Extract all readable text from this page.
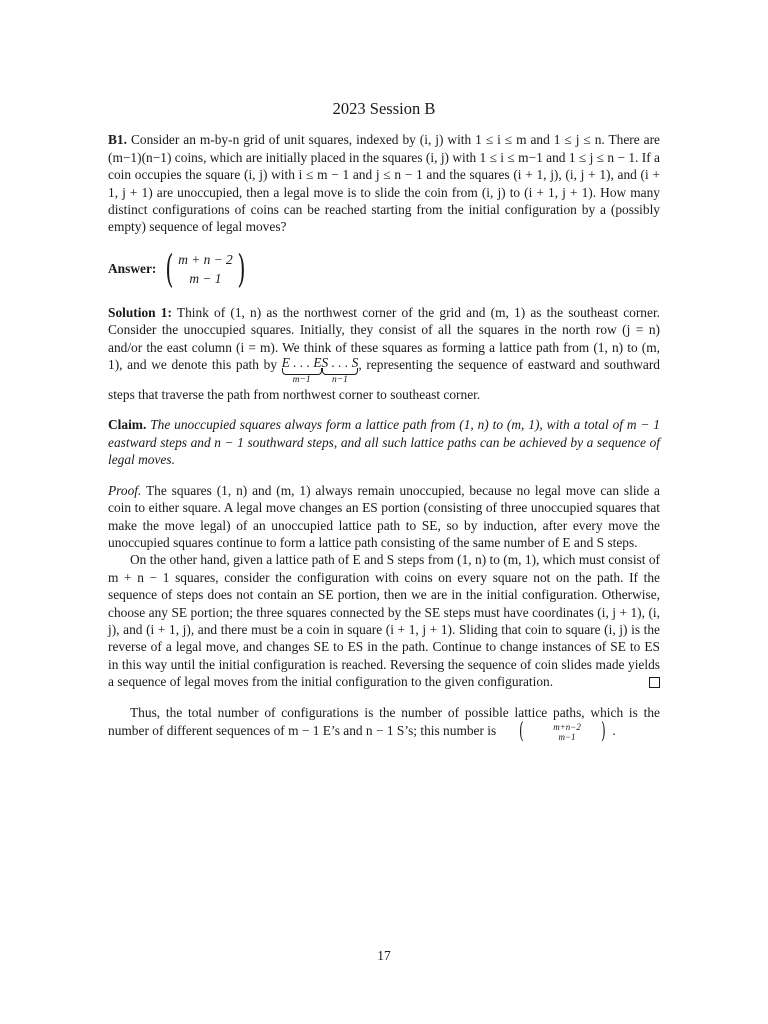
2023 Session B

B1. Consider an m-by-n grid of unit squares, indexed by (i, j) with 1 ≤ i ≤ m and 1 ≤ j ≤ n. There are (m−1)(n−1) coins, which are initially placed in the squares (i, j) with 1 ≤ i ≤ m−1 and 1 ≤ j ≤ n − 1. If a coin occupies the square (i, j) with i ≤ m − 1 and j ≤ n − 1 and the squares (i + 1, j), (i, j + 1), and (i + 1, j + 1) are unoccupied, then a legal move is to slide the coin from (i, j) to (i + 1, j + 1). How many distinct configurations of coins can be reached starting from the initial configuration by a (possibly empty) sequence of legal moves?

Answer: ( m + n − 2
m − 1 )

Solution 1: Think of (1, n) as the northwest corner of the grid and (m, 1) as the southeast corner. Consider the unoccupied squares. Initially, they consist of all the squares in the north row (j = n) and/or the east column (i = m). We think of these squares as forming a lattice path from (1, n) to (m, 1), and we denote this path by E . . . E
m−1
S . . . S
n−1
, representing the sequence of eastward and southward steps that traverse the path from northwest corner to southeast corner.

Claim. The unoccupied squares always form a lattice path from (1, n) to (m, 1), with a total of m − 1 eastward steps and n − 1 southward steps, and all such lattice paths can be achieved by a sequence of legal moves.

Proof. The squares (1, n) and (m, 1) always remain unoccupied, because no legal move can slide a coin to either square. A legal move changes an ES portion (consisting of three unoccupied squares that make the move legal) of an unoccupied lattice path to SE, so by induction, after every move the unoccupied squares continue to form a lattice path consisting of the same number of E and S steps.

On the other hand, given a lattice path of E and S steps from (1, n) to (m, 1), which must consist of m + n − 1 squares, consider the configuration with coins on every square not on the path. If the sequence of steps does not contain an SE portion, then we are in the initial configuration. Otherwise, choose any SE portion; the three squares connected by the SE steps must have coordinates (i, j + 1), (i, j), and (i + 1, j), and there must be a coin in square (i + 1, j + 1). Sliding that coin to square (i, j) is the reverse of a legal move, and changes SE to ES in the path. Continue to change instances of SE to ES in this way until the initial configuration is reached. Reversing the sequence of coin slides made yields a sequence of legal moves from the initial configuration to the given configuration.

Thus, the total number of configurations is the number of possible lattice paths, which is the number of different sequences of m − 1 E’s and n − 1 S’s; this number is	(	m+n−2
m−1	) .

17
